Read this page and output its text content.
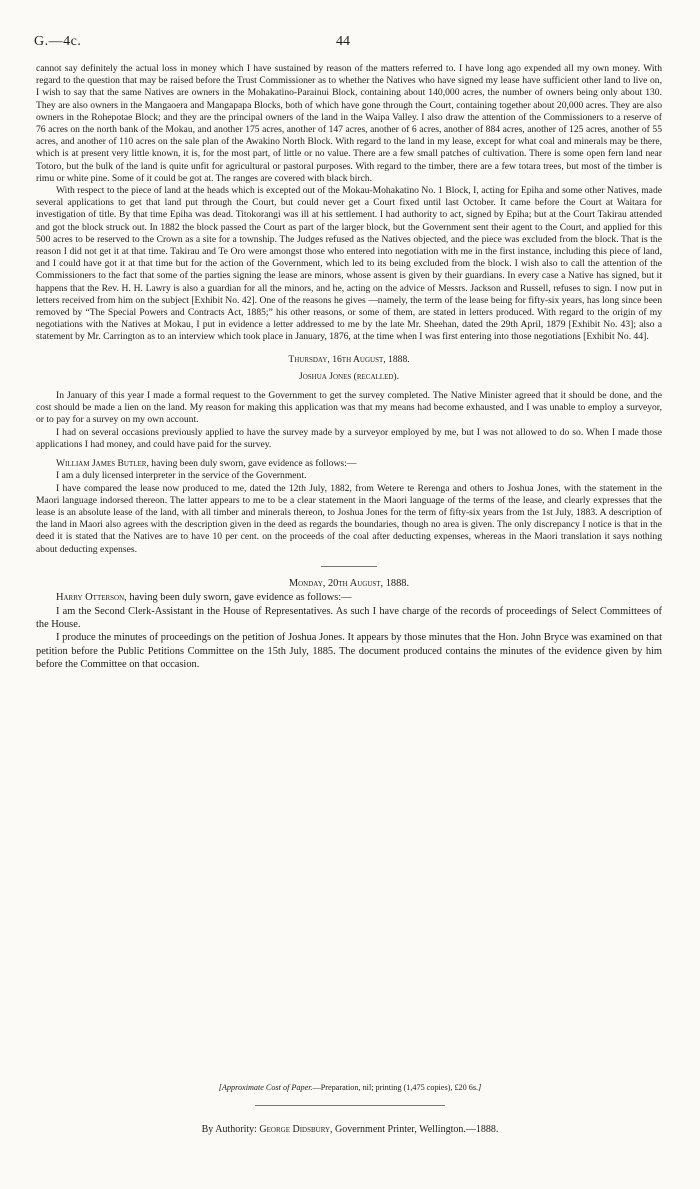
G.—4c.	44

cannot say definitely the actual loss in money which I have sustained by reason of the matters referred to. I have long ago expended all my own money. With regard to the question that may be raised before the Trust Commissioner as to whether the Natives who have signed my lease have sufficient other land to live on, I wish to say that the same Natives are owners in the Mohakatino-Parainui Block, containing about 140,000 acres, the number of owners being only about 130. They are also owners in the Mangaoera and Mangapapa Blocks, both of which have gone through the Court, containing together about 20,000 acres. They are also owners in the Rohepotae Block; and they are the principal owners of the land in the Waipa Valley. I also draw the attention of the Commissioners to a reserve of 76 acres on the north bank of the Mokau, and another 175 acres, another of 147 acres, another of 6 acres, another of 884 acres, another of 125 acres, another of 55 acres, and another of 110 acres on the sale plan of the Awakino North Block. With regard to the land in my lease, except for what coal and minerals may be there, which is at present very little known, it is, for the most part, of little or no value. There are a few small patches of cultivation. There is some open fern land near Totoro, but the bulk of the land is quite unfit for agricultural or pastoral purposes. With regard to the timber, there are a few totara trees, but most of the timber is rimu or white pine. Some of it could be got at. The ranges are covered with black birch.

With respect to the piece of land at the heads which is excepted out of the Mokau-Mohakatino No. 1 Block, I, acting for Epiha and some other Natives, made several applications to get that land put through the Court, but could never get a Court fixed until last October. It came before the Court at Waitara for investigation of title. By that time Epiha was dead. Titokorangi was ill at his settlement. I had authority to act, signed by Epiha; but at the Court Takirau attended and got the block struck out. In 1882 the block passed the Court as part of the larger block, but the Government sent their agent to the Court, and applied for this 500 acres to be reserved to the Crown as a site for a township. The Judges refused as the Natives objected, and the piece was excluded from the block. That is the reason I did not get it at that time. Takirau and Te Oro were amongst those who entered into negotiation with me in the first instance, including this piece of land, and I could have got it at that time but for the action of the Government, which led to its being excluded from the block. I wish also to call the attention of the Commissioners to the fact that some of the parties signing the lease are minors, whose assent is given by their guardians. In every case a Native has signed, but it happens that the Rev. H. H. Lawry is also a guardian for all the minors, and he, acting on the advice of Messrs. Jackson and Russell, refuses to sign. I now put in letters received from him on the subject [Exhibit No. 42]. One of the reasons he gives —namely, the term of the lease being for fifty-six years, has long since been removed by “The Special Powers and Contracts Act, 1885;” his other reasons, or some of them, are stated in letters produced. With regard to the origin of my negotiations with the Natives at Mokau, I put in evidence a letter addressed to me by the late Mr. Sheehan, dated the 29th April, 1879 [Exhibit No. 43]; also a statement by Mr. Carrington as to an interview which took place in January, 1876, at the time when I was first entering into those negotiations [Exhibit No. 44].

Thursday, 16th August, 1888.
Joshua Jones (recalled).

In January of this year I made a formal request to the Government to get the survey completed. The Native Minister agreed that it should be done, and the cost should be made a lien on the land. My reason for making this application was that my means had become exhausted, and I was unable to employ a surveyor, or to pay for a survey on my own account.

I had on several occasions previously applied to have the survey made by a surveyor employed by me, but I was not allowed to do so. When I made those applications I had money, and could have paid for the survey.

William James Butler, having been duly sworn, gave evidence as follows:—

I am a duly licensed interpreter in the service of the Government.

I have compared the lease now produced to me, dated the 12th July, 1882, from Wetere te Rerenga and others to Joshua Jones, with the statement in the Maori language indorsed thereon. The latter appears to me to be a clear statement in the Maori language of the terms of the lease, and clearly expresses that the lease is an absolute lease of the land, with all timber and minerals thereon, to Joshua Jones for the term of fifty-six years from the 1st July, 1883. A description of the land in Maori also agrees with the description given in the deed as regards the boundaries, though no area is given. The only discrepancy I notice is that in the deed it is stated that the Natives are to have 10 per cent. on the proceeds of the coal after deducting expenses, whereas in the Maori translation it says nothing about deducting expenses.

Monday, 20th August, 1888.

Harry Otterson, having been duly sworn, gave evidence as follows:—

I am the Second Clerk-Assistant in the House of Representatives. As such I have charge of the records of proceedings of Select Committees of the House.

I produce the minutes of proceedings on the petition of Joshua Jones. It appears by those minutes that the Hon. John Bryce was examined on that petition before the Public Petitions Committee on the 15th July, 1885. The document produced contains the minutes of the evidence given by him before the Committee on that occasion.

[Approximate Cost of Paper.—Preparation, nil; printing (1,475 copies), £20 6s.]
By Authority: George Didsbury, Government Printer, Wellington.—1888.
